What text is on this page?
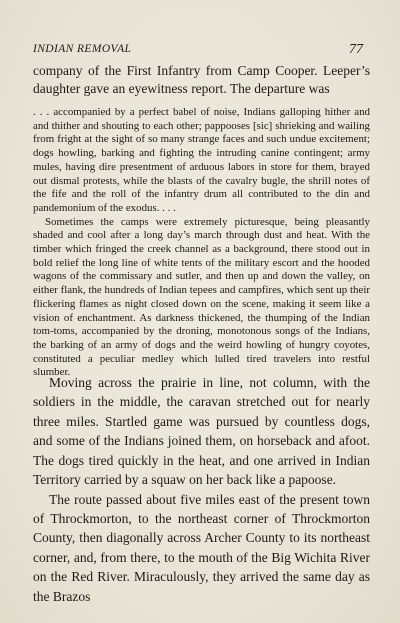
INDIAN REMOVAL	77

company of the First Infantry from Camp Cooper. Leeper’s daughter gave an eyewitness report. The departure was

. . . accompanied by a perfect babel of noise, Indians galloping hither and and thither and shouting to each other; pappooses [sic] shrieking and wailing from fright at the sight of so many strange faces and such undue excitement; dogs howling, barking and fighting the intruding canine contingent; army mules, having dire presentment of arduous labors in store for them, brayed out dismal protests, while the blasts of the cavalry bugle, the shrill notes of the fife and the roll of the infantry drum all contributed to the din and pandemonium of the exodus. . . .

Sometimes the camps were extremely picturesque, being pleasantly shaded and cool after a long day’s march through dust and heat. With the timber which fringed the creek channel as a background, there stood out in bold relief the long line of white tents of the military escort and the hooded wagons of the commissary and sutler, and then up and down the valley, on either flank, the hundreds of Indian tepees and campfires, which sent up their flickering flames as night closed down on the scene, making it seem like a vision of enchantment. As darkness thickened, the thumping of the Indian tom-toms, accompanied by the droning, monotonous songs of the Indians, the barking of an army of dogs and the weird howling of hungry coyotes, constituted a peculiar medley which lulled tired travelers into restful slumber.

Moving across the prairie in line, not column, with the soldiers in the middle, the caravan stretched out for nearly three miles. Startled game was pursued by countless dogs, and some of the Indians joined them, on horseback and afoot. The dogs tired quickly in the heat, and one arrived in Indian Territory carried by a squaw on her back like a papoose.

The route passed about five miles east of the present town of Throckmorton, to the northeast corner of Throckmorton County, then diagonally across Archer County to its northeast corner, and, from there, to the mouth of the Big Wichita River on the Red River. Miraculously, they arrived the same day as the Brazos
